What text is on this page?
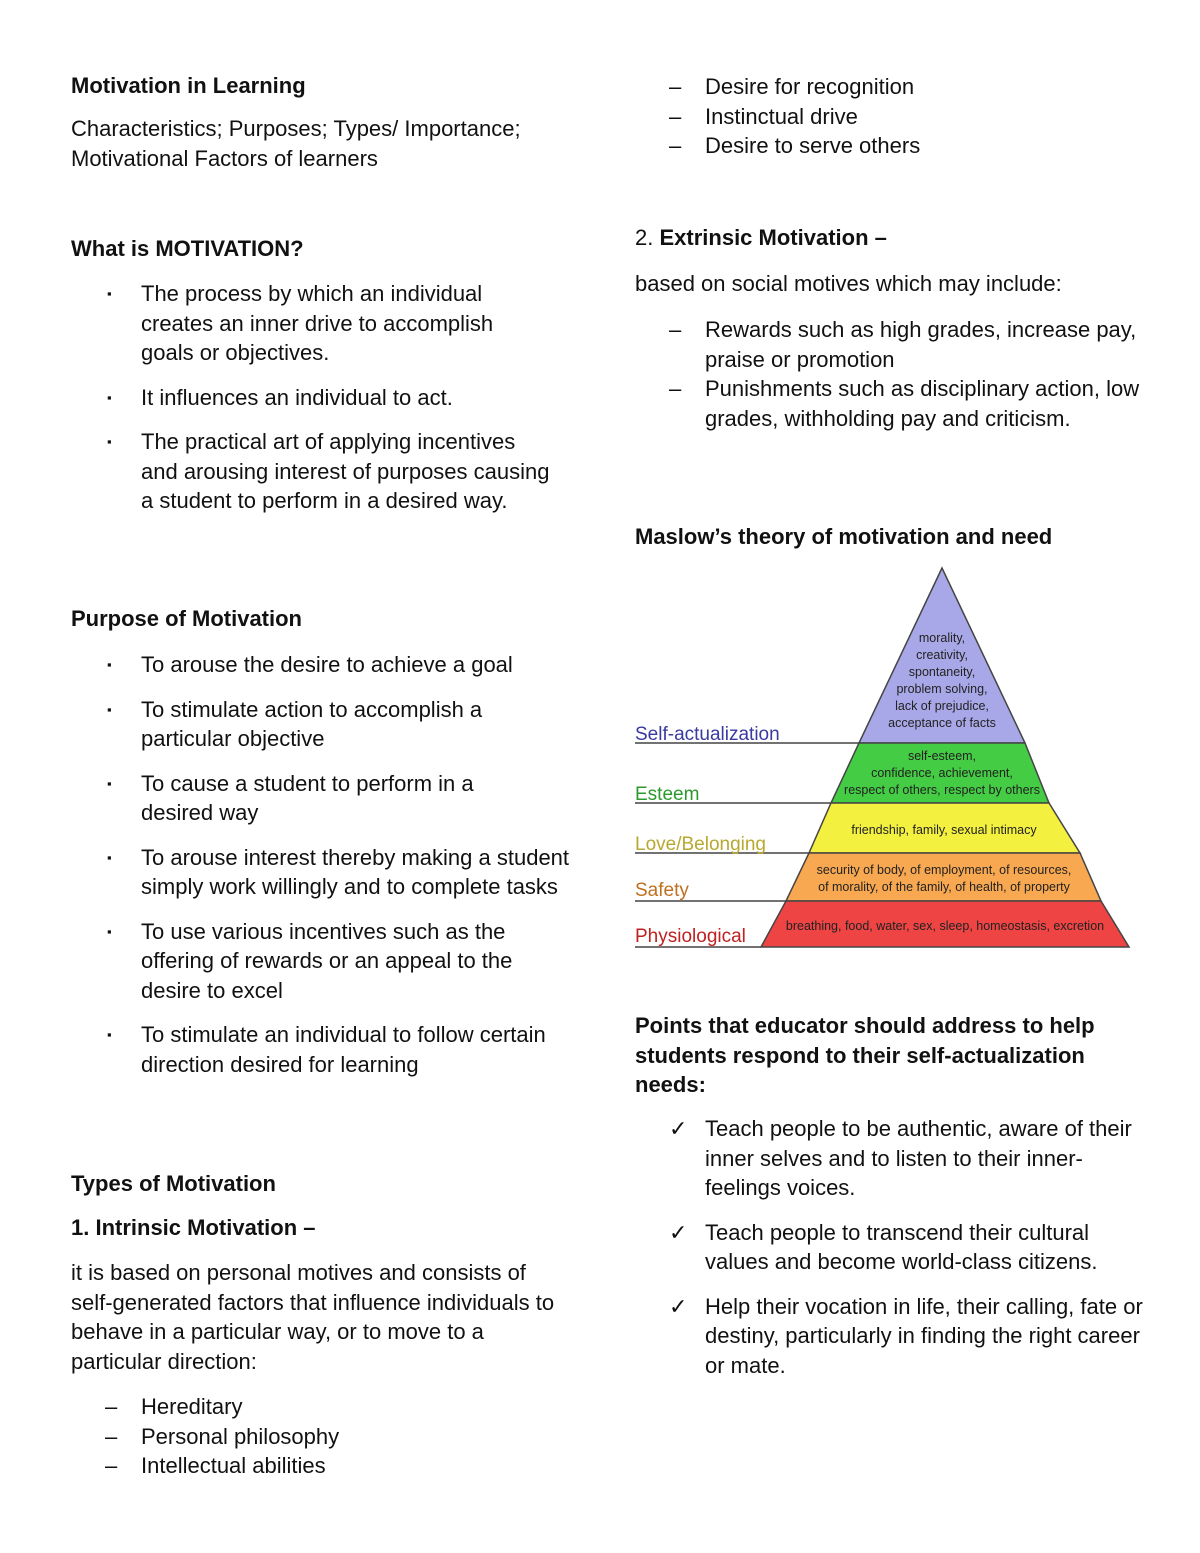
Motivation in Learning
Characteristics; Purposes; Types/ Importance;
Motivational Factors of learners
What is MOTIVATION?
▪ The process by which an individual creates an inner drive to accomplish goals or objectives.
▪ It influences an individual to act.
▪ The practical art of applying incentives and arousing interest of purposes causing a student to perform in a desired way.
Purpose of Motivation
▪ To arouse the desire to achieve a goal
▪ To stimulate action to accomplish a particular objective
▪ To cause a student to perform in a desired way
▪ To arouse interest thereby making a student simply work willingly and to complete tasks
▪ To use various incentives such as the offering of rewards or an appeal to the desire to excel
▪ To stimulate an individual to follow certain direction desired for learning
Types of Motivation
1. Intrinsic Motivation –
it is based on personal motives and consists of self-generated factors that influence individuals to behave in a particular way, or to move to a particular direction:
– Hereditary
– Personal philosophy
– Intellectual abilities
– Desire for recognition
– Instinctual drive
– Desire to serve others
2. Extrinsic Motivation –
based on social motives which may include:
– Rewards such as high grades, increase pay, praise or promotion
– Punishments such as disciplinary action, low grades, withholding pay and criticism.
Maslow’s theory of motivation and need
Self-actualization
Esteem
Love/Belonging
Safety
Physiological
morality,
creativity,
spontaneity,
problem solving,
lack of prejudice,
acceptance of facts
self-esteem,
confidence, achievement,
respect of others, respect by others
friendship, family, sexual intimacy
security of body, of employment, of resources,
of morality, of the family, of health, of property
breathing, food, water, sex, sleep, homeostasis, excretion
Points that educator should address to help students respond to their self-actualization needs:
✓ Teach people to be authentic, aware of their inner selves and to listen to their inner-feelings voices.
✓ Teach people to transcend their cultural values and become world-class citizens.
✓ Help their vocation in life, their calling, fate or destiny, particularly in finding the right career or mate.
